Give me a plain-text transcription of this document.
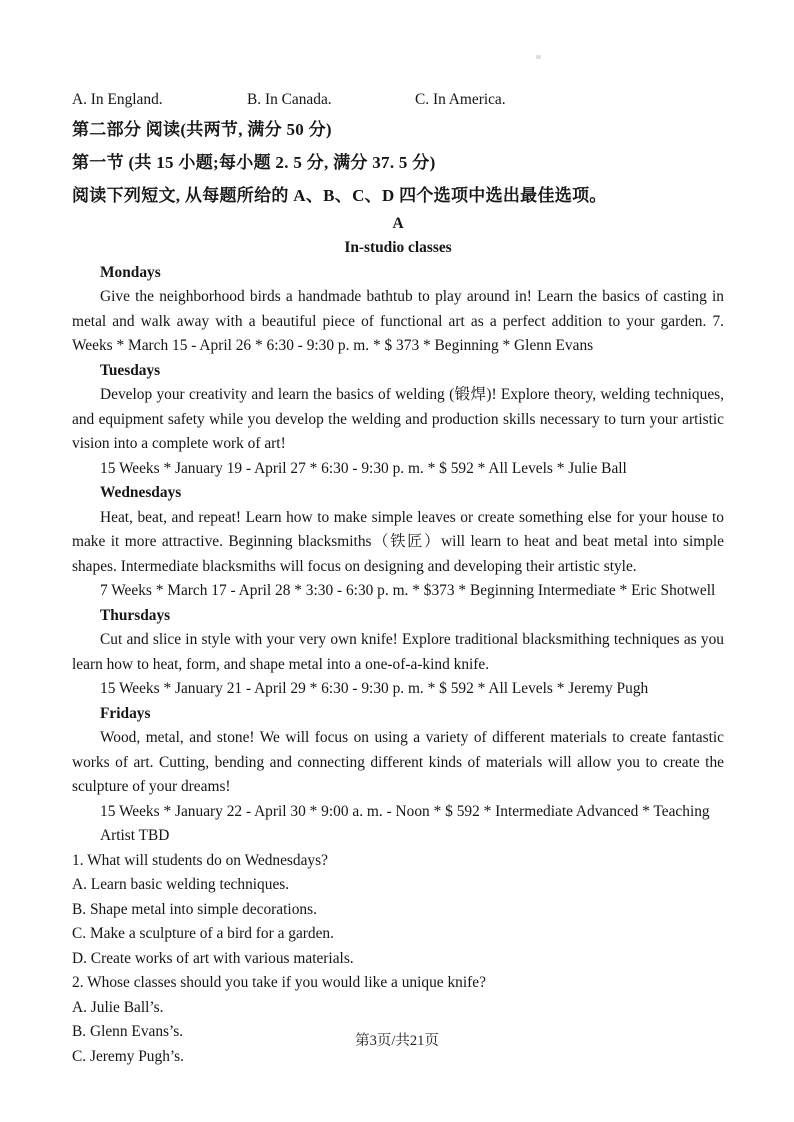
A. In England.	B. In Canada.	C. In America.
第二部分 阅读(共两节, 满分 50 分)
第一节 (共 15 小题;每小题 2. 5 分, 满分 37. 5 分)
阅读下列短文, 从每题所给的 A、B、C、D 四个选项中选出最佳选项。
A
In-studio classes
Mondays
Give the neighborhood birds a handmade bathtub to play around in! Learn the basics of casting in metal and walk away with a beautiful piece of functional art as a perfect addition to your garden. 7. Weeks * March 15 - April 26 * 6:30 - 9:30 p. m. * $ 373 * Beginning * Glenn Evans
Tuesdays
Develop your creativity and learn the basics of welding (锻焊)! Explore theory, welding techniques, and equipment safety while you develop the welding and production skills necessary to turn your artistic vision into a complete work of art!
15 Weeks * January 19 - April 27 * 6:30 - 9:30 p. m. * $ 592 * All Levels * Julie Ball
Wednesdays
Heat, beat, and repeat! Learn how to make simple leaves or create something else for your house to make it more attractive. Beginning blacksmiths（铁匠）will learn to heat and beat metal into simple shapes. Intermediate blacksmiths will focus on designing and developing their artistic style.
7 Weeks * March 17 - April 28 * 3:30 - 6:30 p. m. * $373 * Beginning Intermediate * Eric Shotwell
Thursdays
Cut and slice in style with your very own knife! Explore traditional blacksmithing techniques as you learn how to heat, form, and shape metal into a one-of-a-kind knife.
15 Weeks * January 21 - April 29 * 6:30 - 9:30 p. m. * $ 592 * All Levels * Jeremy Pugh
Fridays
Wood, metal, and stone! We will focus on using a variety of different materials to create fantastic works of art. Cutting, bending and connecting different kinds of materials will allow you to create the sculpture of your dreams!
15 Weeks * January 22 - April 30 * 9:00 a. m. - Noon * $ 592 * Intermediate Advanced * Teaching Artist TBD
1. What will students do on Wednesdays?
A. Learn basic welding techniques.
B. Shape metal into simple decorations.
C. Make a sculpture of a bird for a garden.
D. Create works of art with various materials.
2. Whose classes should you take if you would like a unique knife?
A. Julie Ball’s.
B. Glenn Evans’s.
C. Jeremy Pugh’s.
第3页/共21页
